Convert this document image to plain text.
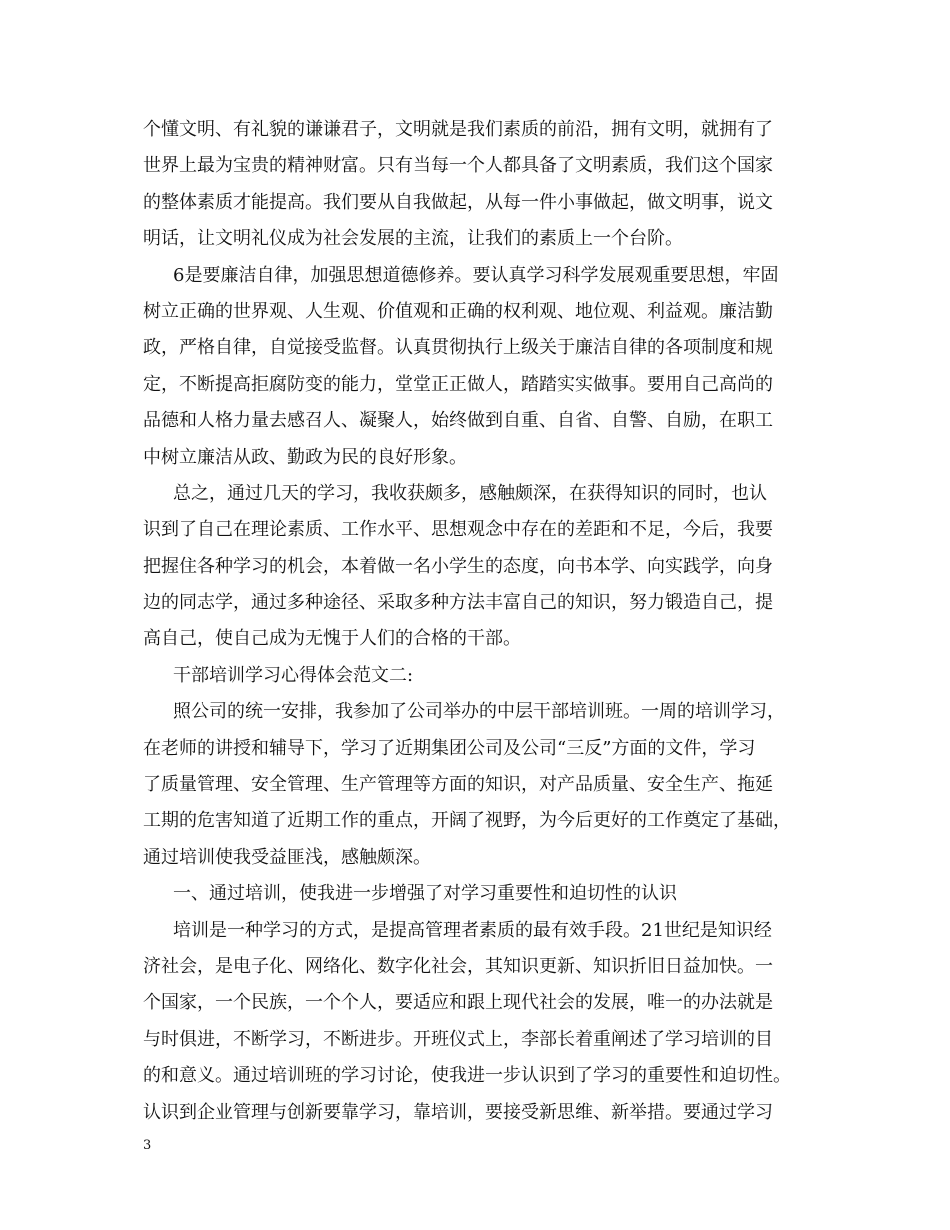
个懂文明、有礼貌的谦谦君子，文明就是我们素质的前沿，拥有文明，就拥有了
世界上最为宝贵的精神财富。只有当每一个人都具备了文明素质，我们这个国家
的整体素质才能提高。我们要从自我做起，从每一件小事做起，做文明事，说文
明话，让文明礼仪成为社会发展的主流，让我们的素质上一个台阶。
6是要廉洁自律，加强思想道德修养。要认真学习科学发展观重要思想，牢固
树立正确的世界观、人生观、价值观和正确的权利观、地位观、利益观。廉洁勤
政，严格自律，自觉接受监督。认真贯彻执行上级关于廉洁自律的各项制度和规
定，不断提高拒腐防变的能力，堂堂正正做人，踏踏实实做事。要用自己高尚的
品德和人格力量去感召人、凝聚人，始终做到自重、自省、自警、自励，在职工
中树立廉洁从政、勤政为民的良好形象。
总之，通过几天的学习，我收获颇多，感触颇深，在获得知识的同时，也认
识到了自己在理论素质、工作水平、思想观念中存在的差距和不足，今后，我要
把握住各种学习的机会，本着做一名小学生的态度，向书本学、向实践学，向身
边的同志学，通过多种途径、采取多种方法丰富自己的知识，努力锻造自己，提
高自己，使自己成为无愧于人们的合格的干部。
干部培训学习心得体会范文二:
照公司的统一安排，我参加了公司举办的中层干部培训班。一周的培训学习，
在老师的讲授和辅导下，学习了近期集团公司及公司“三反”方面的文件，学习
了质量管理、安全管理、生产管理等方面的知识，对产品质量、安全生产、拖延
工期的危害知道了近期工作的重点，开阔了视野，为今后更好的工作奠定了基础，
通过培训使我受益匪浅，感触颇深。
一、通过培训，使我进一步增强了对学习重要性和迫切性的认识
培训是一种学习的方式，是提高管理者素质的最有效手段。21世纪是知识经
济社会，是电子化、网络化、数字化社会，其知识更新、知识折旧日益加快。一
个国家，一个民族，一个个人，要适应和跟上现代社会的发展，唯一的办法就是
与时俱进，不断学习，不断进步。开班仪式上，李部长着重阐述了学习培训的目
的和意义。通过培训班的学习讨论，使我进一步认识到了学习的重要性和迫切性。
认识到企业管理与创新要靠学习，靠培训，要接受新思维、新举措。要通过学习
3
